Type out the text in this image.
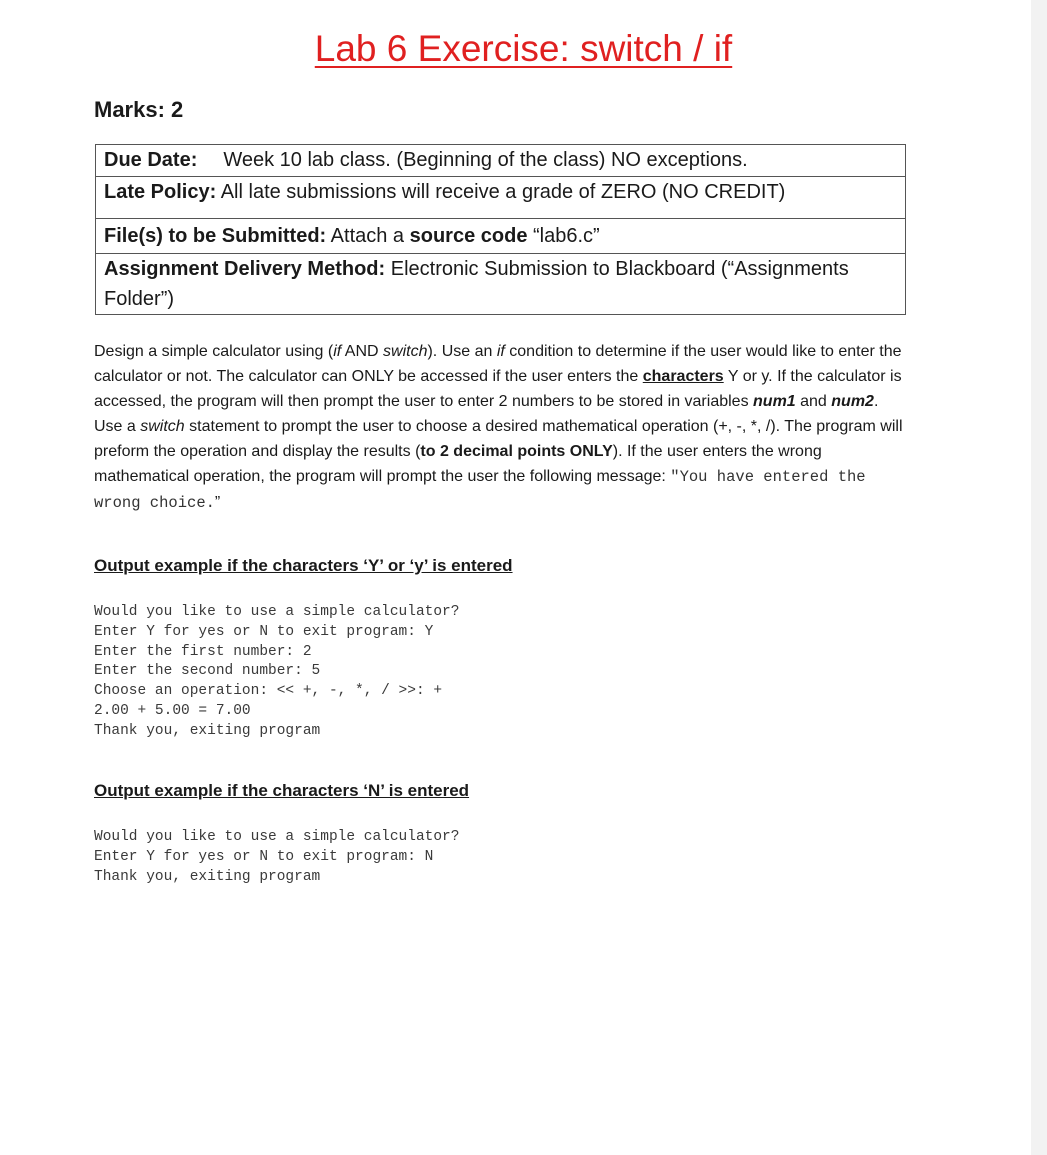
Lab 6 Exercise: switch / if
Marks: 2
Due Date: Week 10 lab class. (Beginning of the class) NO exceptions.
Late Policy: All late submissions will receive a grade of ZERO (NO CREDIT)
File(s) to be Submitted: Attach a source code “lab6.c”
Assignment Delivery Method: Electronic Submission to Blackboard (“Assignments Folder”)
Design a simple calculator using (if AND switch). Use an if condition to determine if the user would like to enter the calculator or not. The calculator can ONLY be accessed if the user enters the characters Y or y. If the calculator is accessed, the program will then prompt the user to enter 2 numbers to be stored in variables num1 and num2. Use a switch statement to prompt the user to choose a desired mathematical operation (+, -, *, /). The program will preform the operation and display the results (to 2 decimal points ONLY). If the user enters the wrong mathematical operation, the program will prompt the user the following message: "You have entered the wrong choice.”
Output example if the characters ‘Y’ or ‘y’ is entered
Would you like to use a simple calculator?
Enter Y for yes or N to exit program: Y
Enter the first number: 2
Enter the second number: 5
Choose an operation: << +, -, *, / >>: +
2.00 + 5.00 = 7.00
Thank you, exiting program
Output example if the characters ‘N’ is entered
Would you like to use a simple calculator?
Enter Y for yes or N to exit program: N
Thank you, exiting program
